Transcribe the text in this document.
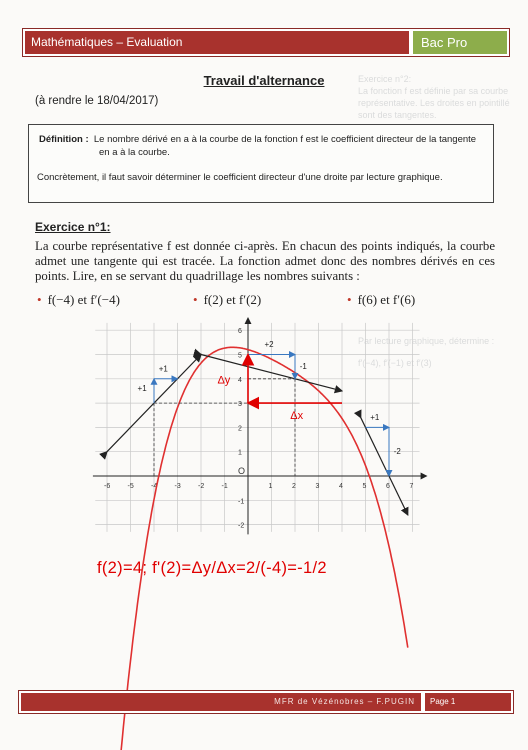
Mathématiques – Evaluation	Bac Pro
Exercice n°2:
La fonction f est définie par sa courbe représentative. Les droites en pointillé sont des tangentes.
Par lecture graphique, détermine :
f′(−4), f′(−1) et f′(3)
Travail d'alternance
(à rendre le 18/04/2017)
Définition : Le nombre dérivé en a à la courbe de la fonction f est le coefficient directeur de la tangente en a à la courbe.
Concrètement, il faut savoir déterminer le coefficient directeur d'une droite par lecture graphique.
Exercice n°1:
La courbe représentative f est donnée ci-après. En chacun des points indiqués, la courbe admet une tangente qui est tracée. La fonction admet donc des nombres dérivés en ces points. Lire, en se servant du quadrillage les nombres suivants :
• f(−4) et f′(−4)	• f(2) et f′(2)	• f(6) et f′(6)
-6 -5 -4 -3 -2 -1
O
1	2	3	4	5	6	7
6
5
4
3
2
1
-1
-2
+1
+1
+2
-1
+1
-2
Δy
Δx
f(2)=4; f'(2)=Δy/Δx=2/(-4)=-1/2
MFR de Vézénobres – F.PUGIN	Page 1
